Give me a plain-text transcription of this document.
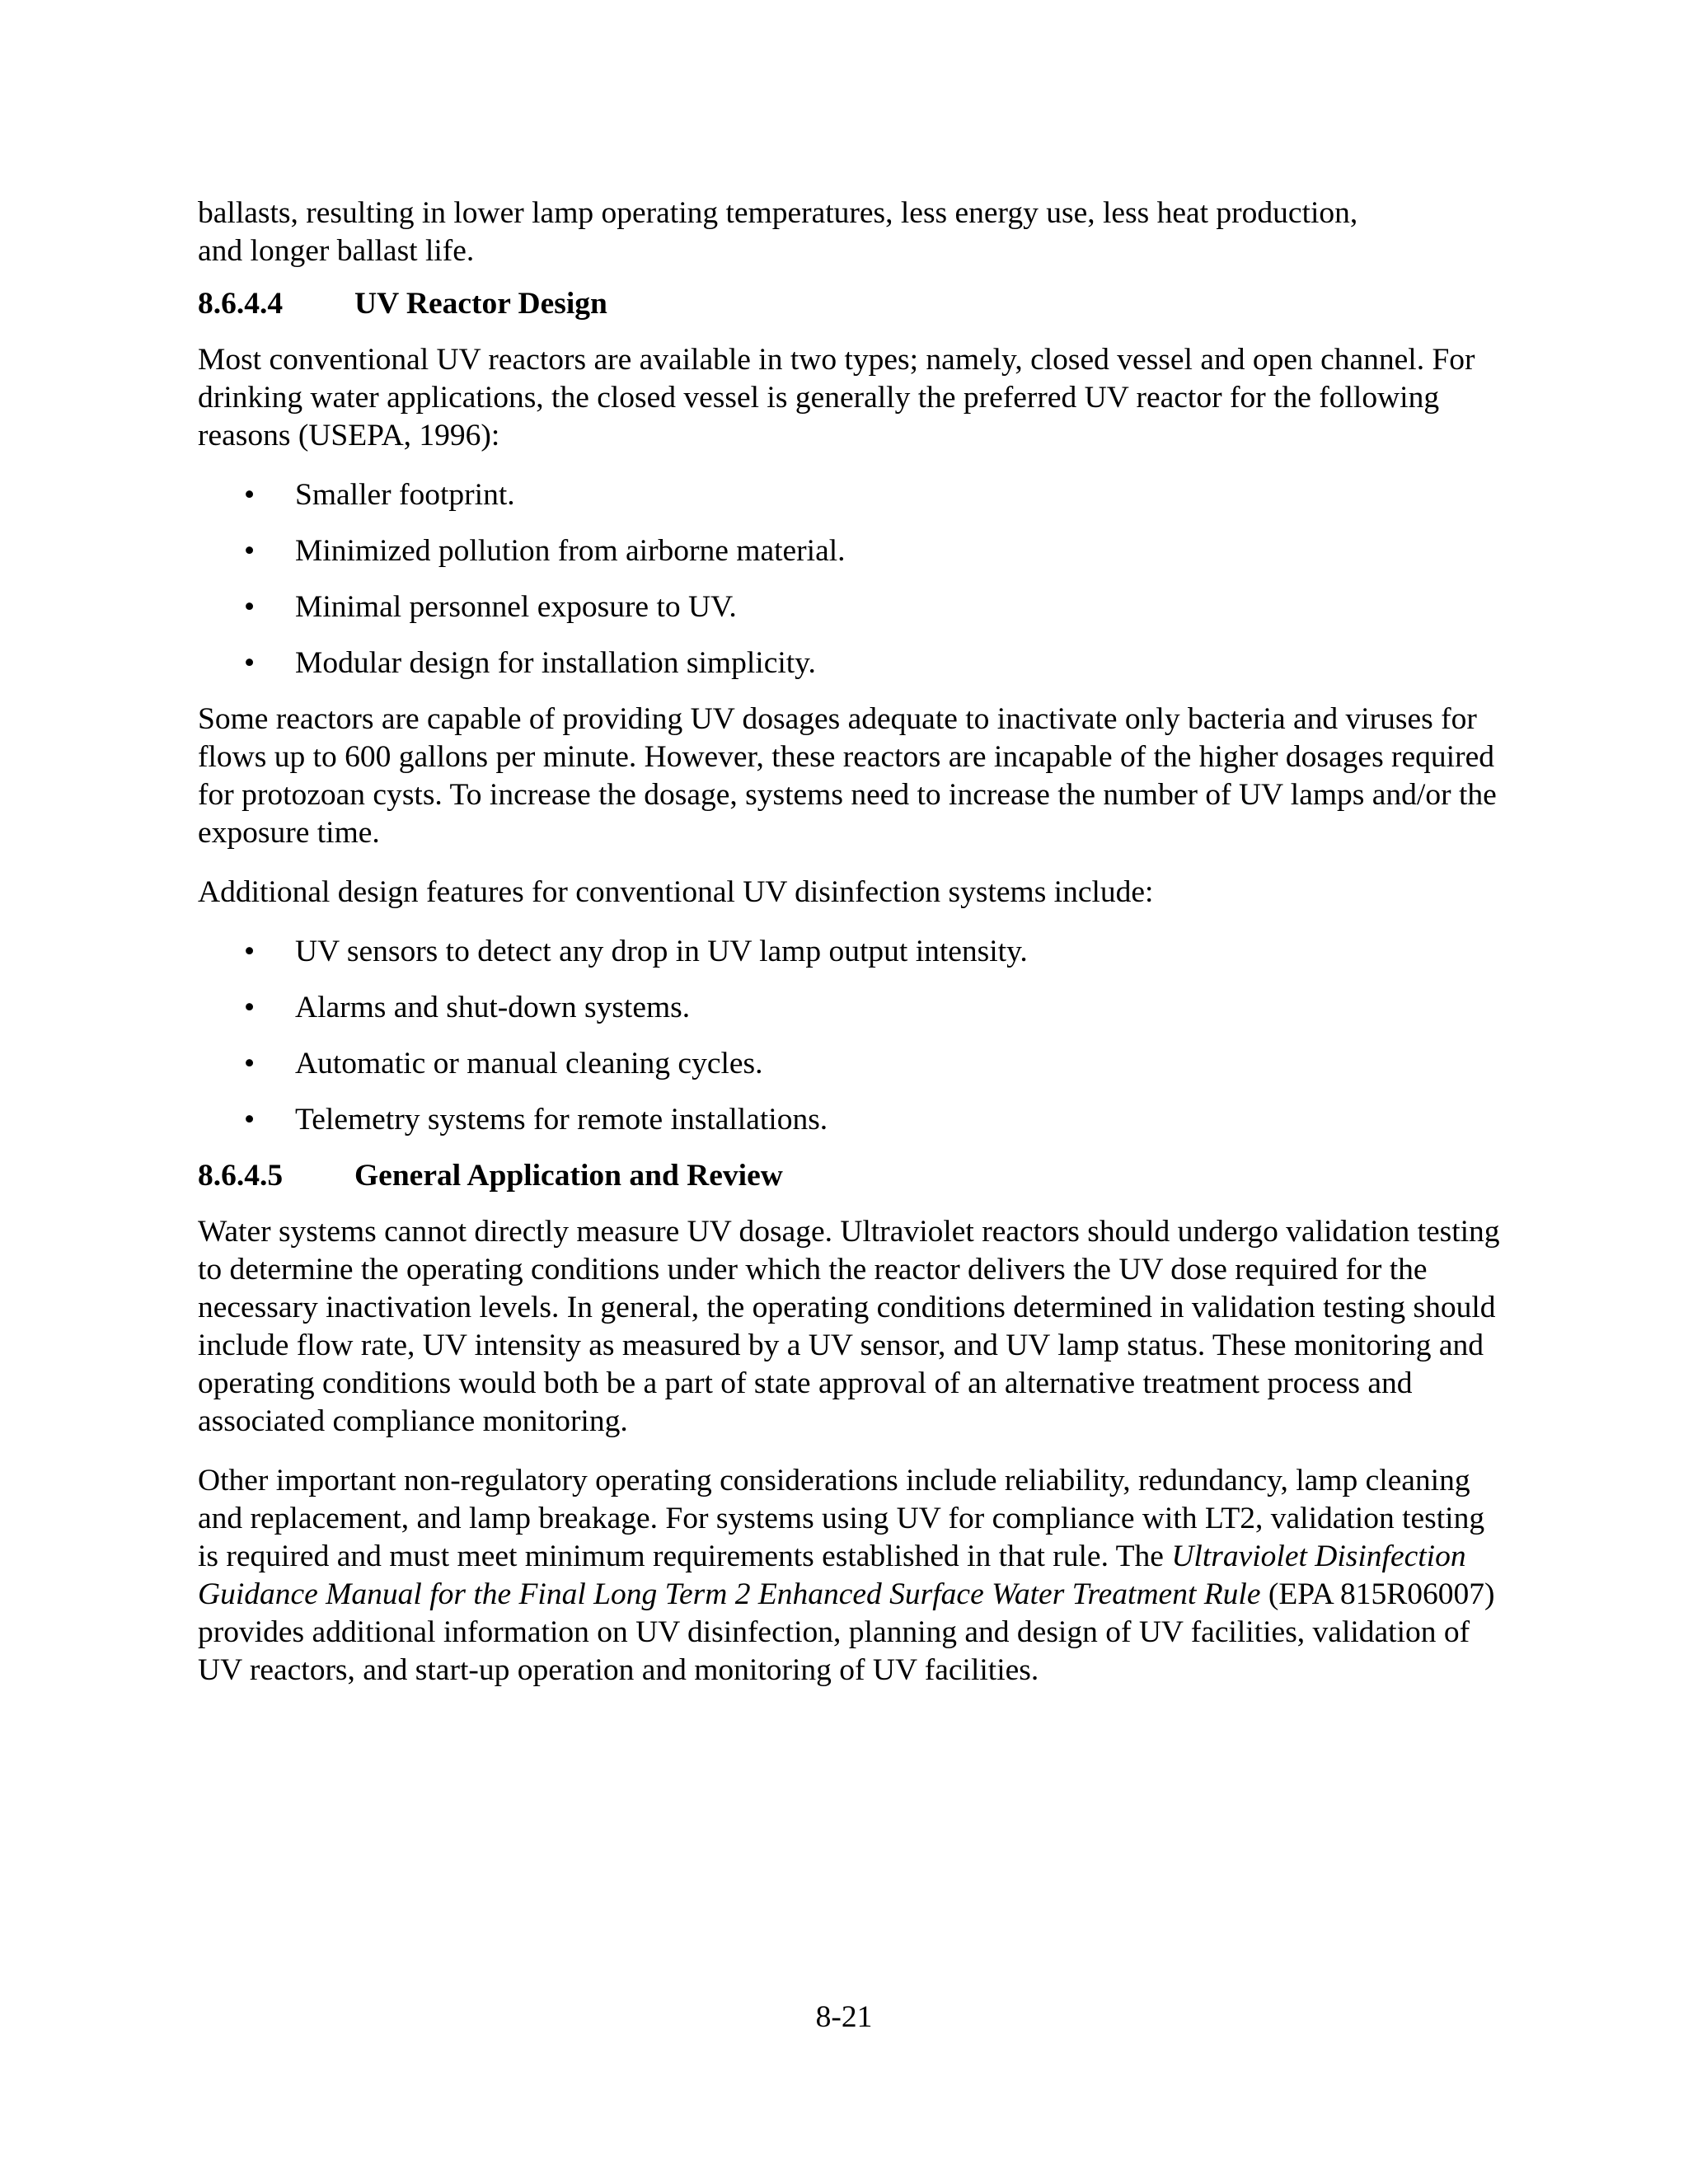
ballasts, resulting in lower lamp operating temperatures, less energy use, less heat production,
and longer ballast life.

8.6.4.4 UV Reactor Design

Most conventional UV reactors are available in two types; namely, closed vessel and open channel. For drinking water applications, the closed vessel is generally the preferred UV reactor for the following reasons (USEPA, 1996):

• Smaller footprint.
• Minimized pollution from airborne material.
• Minimal personnel exposure to UV.
• Modular design for installation simplicity.

Some reactors are capable of providing UV dosages adequate to inactivate only bacteria and viruses for flows up to 600 gallons per minute. However, these reactors are incapable of the higher dosages required for protozoan cysts. To increase the dosage, systems need to increase the number of UV lamps and/or the exposure time.

Additional design features for conventional UV disinfection systems include:

• UV sensors to detect any drop in UV lamp output intensity.
• Alarms and shut-down systems.
• Automatic or manual cleaning cycles.
• Telemetry systems for remote installations.
8.6.4.5 General Application and Review

Water systems cannot directly measure UV dosage. Ultraviolet reactors should undergo validation testing to determine the operating conditions under which the reactor delivers the UV dose required for the necessary inactivation levels. In general, the operating conditions determined in validation testing should include flow rate, UV intensity as measured by a UV sensor, and UV lamp status. These monitoring and operating conditions would both be a part of state approval of an alternative treatment process and associated compliance monitoring.

Other important non-regulatory operating considerations include reliability, redundancy, lamp cleaning and replacement, and lamp breakage. For systems using UV for compliance with LT2, validation testing is required and must meet minimum requirements established in that rule. The Ultraviolet Disinfection Guidance Manual for the Final Long Term 2 Enhanced Surface Water Treatment Rule (EPA 815R06007) provides additional information on UV disinfection, planning and design of UV facilities, validation of UV reactors, and start-up operation and monitoring of UV facilities.

8-21
